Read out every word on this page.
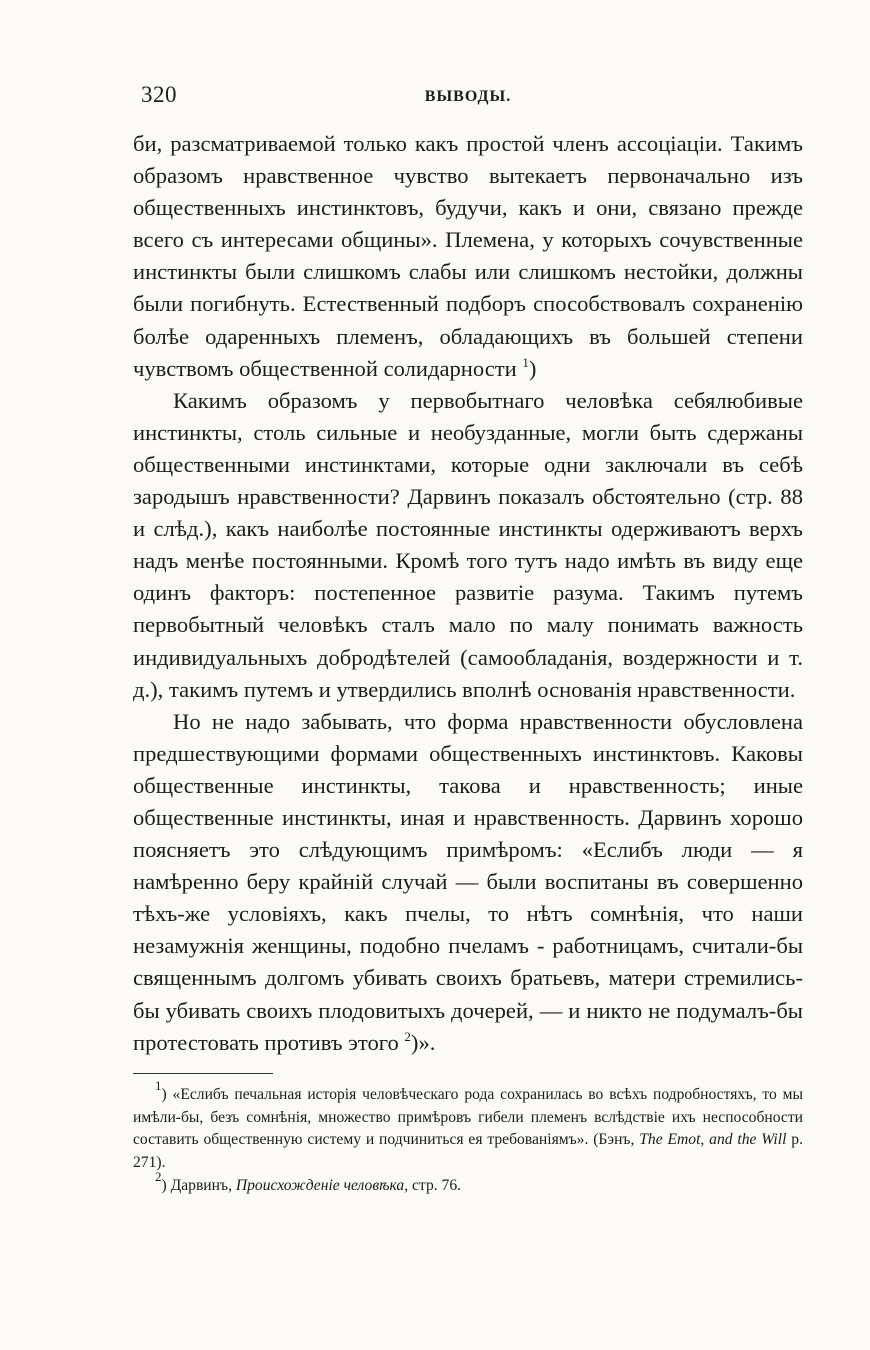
320	ВЫВОДЫ.

би, разсматриваемой только какъ простой членъ ассоціаціи. Такимъ образомъ нравственное чувство вытекаетъ первоначально изъ общественныхъ инстинктовъ, будучи, какъ и они, связано прежде всего съ интересами общины». Племена, у которыхъ сочувственные инстинкты были слишкомъ слабы или слишкомъ нестойки, должны были погибнуть. Естественный подборъ способствовалъ сохраненію болѣе одаренныхъ племенъ, обладающихъ въ большей степени чувствомъ общественной солидарности $^1$)

Какимъ образомъ у первобытнаго человѣка себялюбивые инстинкты, столь сильные и необузданные, могли быть сдержаны общественными инстинктами, которые одни заключали въ себѣ зародышъ нравственности? Дарвинъ показалъ обстоятельно (стр. 88 и слѣд.), какъ наиболѣе постоянные инстинкты одерживаютъ верхъ надъ менѣе постоянными. Кромѣ того тутъ надо имѣть въ виду еще одинъ факторъ: постепенное развитіе разума. Такимъ путемъ первобытный человѣкъ сталъ мало по малу понимать важность индивидуальныхъ добродѣтелей (самообладанія, воздержности и т. д.), такимъ путемъ и утвердились вполнѣ основанія нравственности.

Но не надо забывать, что форма нравственности обусловлена предшествующими формами общественныхъ инстинктовъ. Каковы общественные инстинкты, такова и нравственность; иные общественные инстинкты, иная и нравственность. Дарвинъ хорошо поясняетъ это слѣдующимъ примѣромъ: «Еслибъ люди — я намѣренно беру крайній случай — были воспитаны въ совершенно тѣхъ-же условіяхъ, какъ пчелы, то нѣтъ сомнѣнія, что наши незамужнія женщины, подобно пчеламъ - работницамъ, считали-бы священнымъ долгомъ убивать своихъ братьевъ, матери стремились-бы убивать своихъ плодовитыхъ дочерей, — и никто не подумалъ-бы протестовать противъ этого $^2$)».

$^1$) «Еслибъ печальная исторія человѣческаго рода сохранилась во всѣхъ подробностяхъ, то мы имѣли-бы, безъ сомнѣнія, множество примѣровъ гибели племенъ вслѣдствіе ихъ неспособности составить общественную систему и подчиниться ея требованіямъ». (Бэнъ, The Emot, and the Will p. 271).

$^2$) Дарвинъ, Происхожденіе человѣка, стр. 76.
